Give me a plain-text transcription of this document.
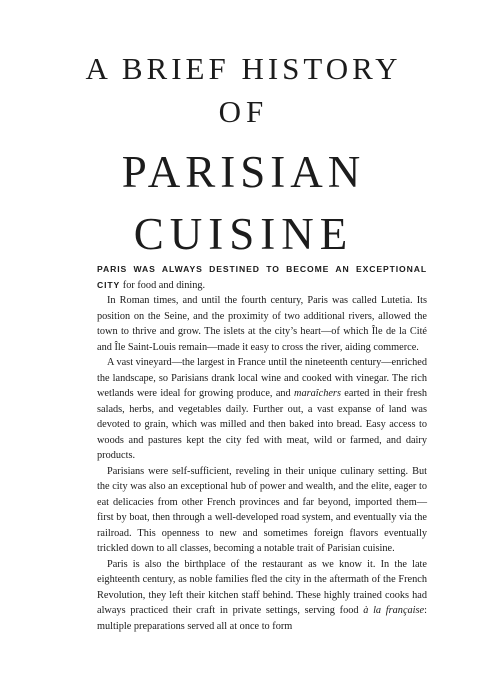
A BRIEF HISTORY
OF
PARISIAN
CUISINE

PARIS WAS ALWAYS DESTINED TO BECOME AN EXCEPTIONAL CITY for food and dining.

In Roman times, and until the fourth century, Paris was called Lutetia. Its position on the Seine, and the proximity of two additional rivers, allowed the town to thrive and grow. The islets at the city’s heart—of which Île de la Cité and Île Saint-Louis remain—made it easy to cross the river, aiding commerce.

A vast vineyard—the largest in France until the nineteenth century—enriched the landscape, so Parisians drank local wine and cooked with vinegar. The rich wetlands were ideal for growing produce, and maraîchers earted in their fresh salads, herbs, and vegetables daily. Further out, a vast expanse of land was devoted to grain, which was milled and then baked into bread. Easy access to woods and pastures kept the city fed with meat, wild or farmed, and dairy products.

Parisians were self-sufficient, reveling in their unique culinary setting. But the city was also an exceptional hub of power and wealth, and the elite, eager to eat delicacies from other French provinces and far beyond, imported them—first by boat, then through a well-developed road system, and eventually via the railroad. This openness to new and sometimes foreign flavors eventually trickled down to all classes, becoming a notable trait of Parisian cuisine.

Paris is also the birthplace of the restaurant as we know it. In the late eighteenth century, as noble families fled the city in the aftermath of the French Revolution, they left their kitchen staff behind. These highly trained cooks had always practiced their craft in private settings, serving food à la française: multiple preparations served all at once to form
